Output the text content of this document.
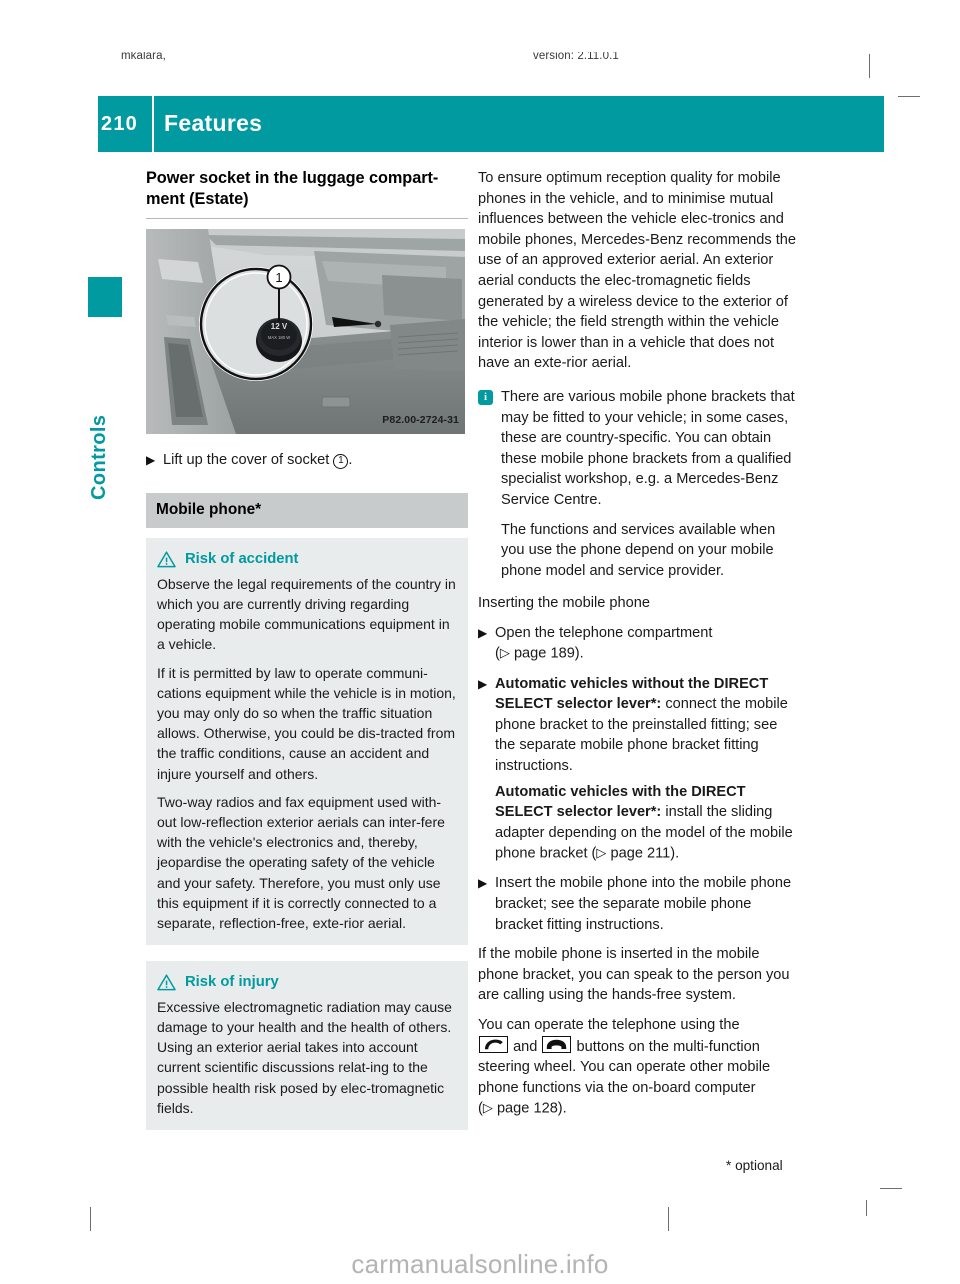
mkalara,	version: 2.11.0.1
210	Features
Controls
Power socket in the luggage compart-ment (Estate)
12 V
MAX 180 W
1
P82.00-2724-31
▶ Lift up the cover of socket 1 .
Mobile phone*
Risk of accident

Observe the legal requirements of the country in which you are currently driving regarding operating mobile communications equipment in a vehicle.

If it is permitted by law to operate communi-cations equipment while the vehicle is in motion, you may only do so when the traffic situation allows. Otherwise, you could be dis-tracted from the traffic conditions, cause an accident and injure yourself and others.

Two-way radios and fax equipment used with-out low-reflection exterior aerials can inter-fere with the vehicle's electronics and, thereby, jeopardise the operating safety of the vehicle and your safety. Therefore, you must only use this equipment if it is correctly connected to a separate, reflection-free, exte-rior aerial.

Risk of injury

Excessive electromagnetic radiation may cause damage to your health and the health of others. Using an exterior aerial takes into account current scientific discussions relat-ing to the possible health risk posed by elec-tromagnetic fields.

To ensure optimum reception quality for mobile phones in the vehicle, and to minimise mutual influences between the vehicle elec-tronics and mobile phones, Mercedes-Benz recommends the use of an approved exterior aerial. An exterior aerial conducts the elec-tromagnetic fields generated by a wireless device to the exterior of the vehicle; the field strength within the vehicle interior is lower than in a vehicle that does not have an exte-rior aerial.

i There are various mobile phone brackets that may be fitted to your vehicle; in some cases, these are country-specific. You can obtain these mobile phone brackets from a qualified specialist workshop, e.g. a Mercedes-Benz Service Centre.
The functions and services available when you use the phone depend on your mobile phone model and service provider.

Inserting the mobile phone

▶ Open the telephone compartment
(▷ page 189).
▶ Automatic vehicles without the DIRECT SELECT selector lever*: connect the mobile phone bracket to the preinstalled fitting; see the separate mobile phone bracket fitting instructions.
Automatic vehicles with the DIRECT SELECT selector lever*: install the sliding adapter depending on the model of the mobile phone bracket (▷ page 211).
▶ Insert the mobile phone into the mobile phone bracket; see the separate mobile phone bracket fitting instructions.

If the mobile phone is inserted in the mobile phone bracket, you can speak to the person you are calling using the hands-free system.

You can operate the telephone using the

and	buttons on the multi-function steering wheel. You can operate other mobile phone functions via the on-board computer (▷ page 128).

* optional
carmanualsonline.info
